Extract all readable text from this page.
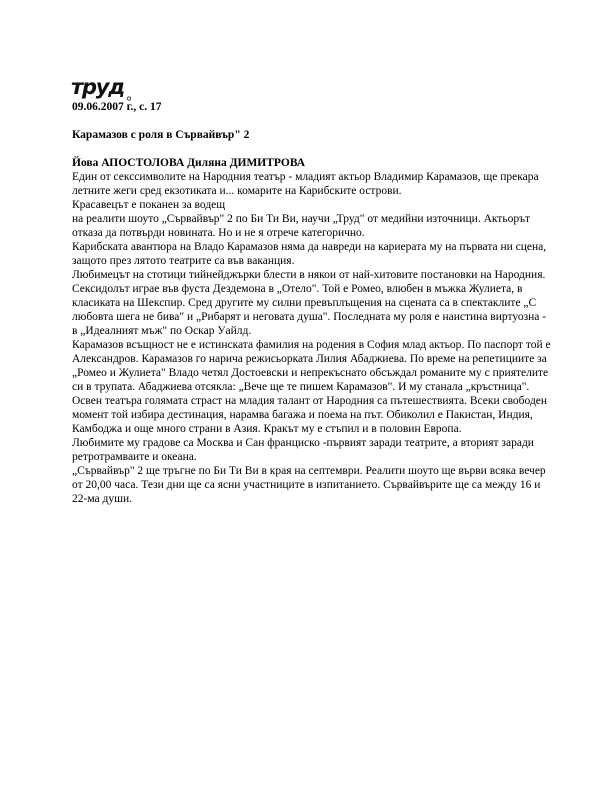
труд
09.06.2007 г., с. 17
Карамазов с роля в Сървайвър" 2
Йова АПОСТОЛОВА Диляна ДИМИТРОВА

Един от секссимволите на Народния театър - младият актьор Владимир Карамазов, ще прекара летните жеги сред екзотиката и... комарите на Карибските острови.

Красавецът е поканен за водещ

на реалити шоуто „Сървайвър" 2 по Би Ти Ви, научи „Труд" от медийни източници. Актьорът отказа да потвърди новината. Но и не я отрече категорично.

Карибската авантюра на Владо Карамазов няма да навреди на кариерата му на първата ни сцена, защото през лятото театрите са във ваканция.

Любимецът на стотици тийнейджърки блести в някои от най-хитовите постановки на Народния. Сексидолът играе във фуста Дездемона в „Отело". Той е Ромео, влюбен в мъжка Жулиета, в класиката на Шекспир. Сред другите му силни превъплъщения на сцената са в спектаклите „С любовта шега не бива" и „Рибарят и неговата душа". Последната му роля е наистина виртуозна - в „Идеалният мъж" по Оскар Уайлд.

Карамазов всъщност не е истинската фамилия на родения в София млад актьор. По паспорт той е Александров. Карамазов го нарича режисьорката Лилия Абаджиева. По време на репетициите за „Ромео и Жулиета" Владо четял Достоевски и непрекъснато обсъждал романите му с приятелите си в трупата. Абаджиева отсякла: „Вече ще те пишем Карамазов". И му станала „кръстница".

Освен театъра голямата страст на младия талант от Народния са пътешествията. Всеки свободен момент той избира дестинация, нарамва багажа и поема на път. Обиколил е Пакистан, Индия, Камбоджа и още много страни в Азия. Кракът му е стъпил и в половин Европа.

Любимите му градове са Москва и Сан франциско -първият заради театрите, а вторият заради ретротрамваите и океана.

„Сървайвър" 2 ще тръгне по Би Ти Ви в края на септември. Реалити шоуто ще върви всяка вечер от 20,00 часа. Тези дни ще са ясни участниците в изпитанието. Сървайвърите ще са между 16 и 22-ма души.
